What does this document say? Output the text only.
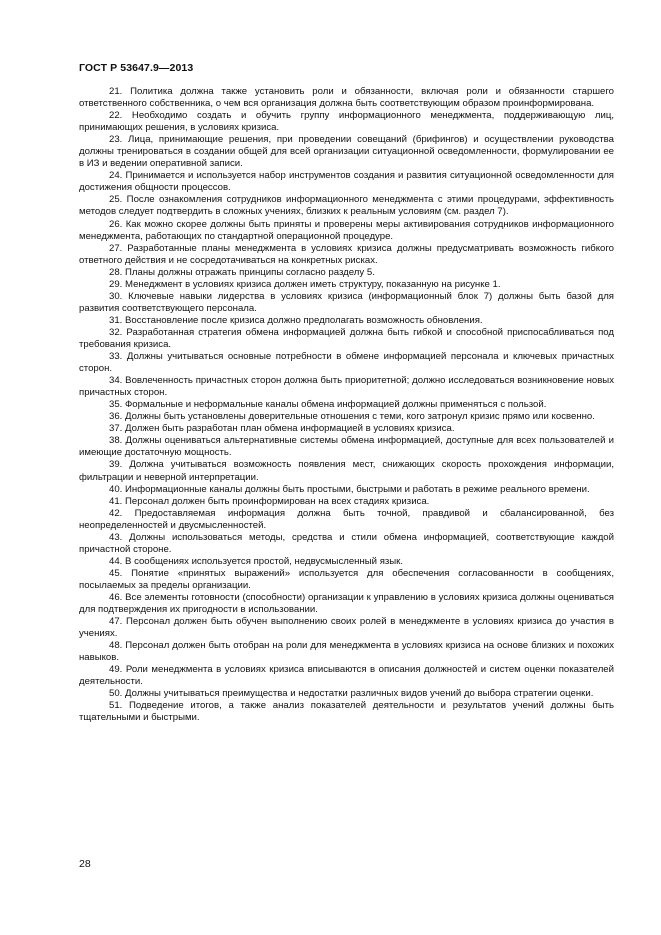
ГОСТ Р 53647.9—2013

21. Политика должна также установить роли и обязанности, включая роли и обязанности старшего ответственного собственника, о чем вся организация должна быть соответствующим образом проинформирована.

22. Необходимо создать и обучить группу информационного менеджмента, поддерживающую лиц, принимающих решения, в условиях кризиса.

23. Лица, принимающие решения, при проведении совещаний (брифингов) и осуществлении руководства должны тренироваться в создании общей для всей организации ситуационной осведомленности, формулировании ее в ИЗ и ведении оперативной записи.

24. Принимается и используется набор инструментов создания и развития ситуационной осведомленности для достижения общности процессов.

25. После ознакомления сотрудников информационного менеджмента с этими процедурами, эффективность методов следует подтвердить в сложных учениях, близких к реальным условиям (см. раздел 7).

26. Как можно скорее должны быть приняты и проверены меры активирования сотрудников информационного менеджмента, работающих по стандартной операционной процедуре.

27. Разработанные планы менеджмента в условиях кризиса должны предусматривать возможность гибкого ответного действия и не сосредотачиваться на конкретных рисках.

28. Планы должны отражать принципы согласно разделу 5.

29. Менеджмент в условиях кризиса должен иметь структуру, показанную на рисунке 1.

30. Ключевые навыки лидерства в условиях кризиса (информационный блок 7) должны быть базой для развития соответствующего персонала.

31. Восстановление после кризиса должно предполагать возможность обновления.

32. Разработанная стратегия обмена информацией должна быть гибкой и способной приспосабливаться под требования кризиса.

33. Должны учитываться основные потребности в обмене информацией персонала и ключевых причастных сторон.

34. Вовлеченность причастных сторон должна быть приоритетной; должно исследоваться возникновение новых причастных сторон.

35. Формальные и неформальные каналы обмена информацией должны применяться с пользой.

36. Должны быть установлены доверительные отношения с теми, кого затронул кризис прямо или косвенно.

37. Должен быть разработан план обмена информацией в условиях кризиса.

38. Должны оцениваться альтернативные системы обмена информацией, доступные для всех пользователей и имеющие достаточную мощность.

39. Должна учитываться возможность появления мест, снижающих скорость прохождения информации, фильтрации и неверной интерпретации.

40. Информационные каналы должны быть простыми, быстрыми и работать в режиме реального времени.

41. Персонал должен быть проинформирован на всех стадиях кризиса.

42. Предоставляемая информация должна быть точной, правдивой и сбалансированной, без неопределенностей и двусмысленностей.

43. Должны использоваться методы, средства и стили обмена информацией, соответствующие каждой причастной стороне.

44. В сообщениях используется простой, недвусмысленный язык.

45. Понятие «принятых выражений» используется для обеспечения согласованности в сообщениях, посылаемых за пределы организации.

46. Все элементы готовности (способности) организации к управлению в условиях кризиса должны оцениваться для подтверждения их пригодности в использовании.

47. Персонал должен быть обучен выполнению своих ролей в менеджменте в условиях кризиса до участия в учениях.

48. Персонал должен быть отобран на роли для менеджмента в условиях кризиса на основе близких и похожих навыков.

49. Роли менеджмента в условиях кризиса вписываются в описания должностей и систем оценки показателей деятельности.

50. Должны учитываться преимущества и недостатки различных видов учений до выбора стратегии оценки.

51. Подведение итогов, а также анализ показателей деятельности и результатов учений должны быть тщательными и быстрыми.

28
